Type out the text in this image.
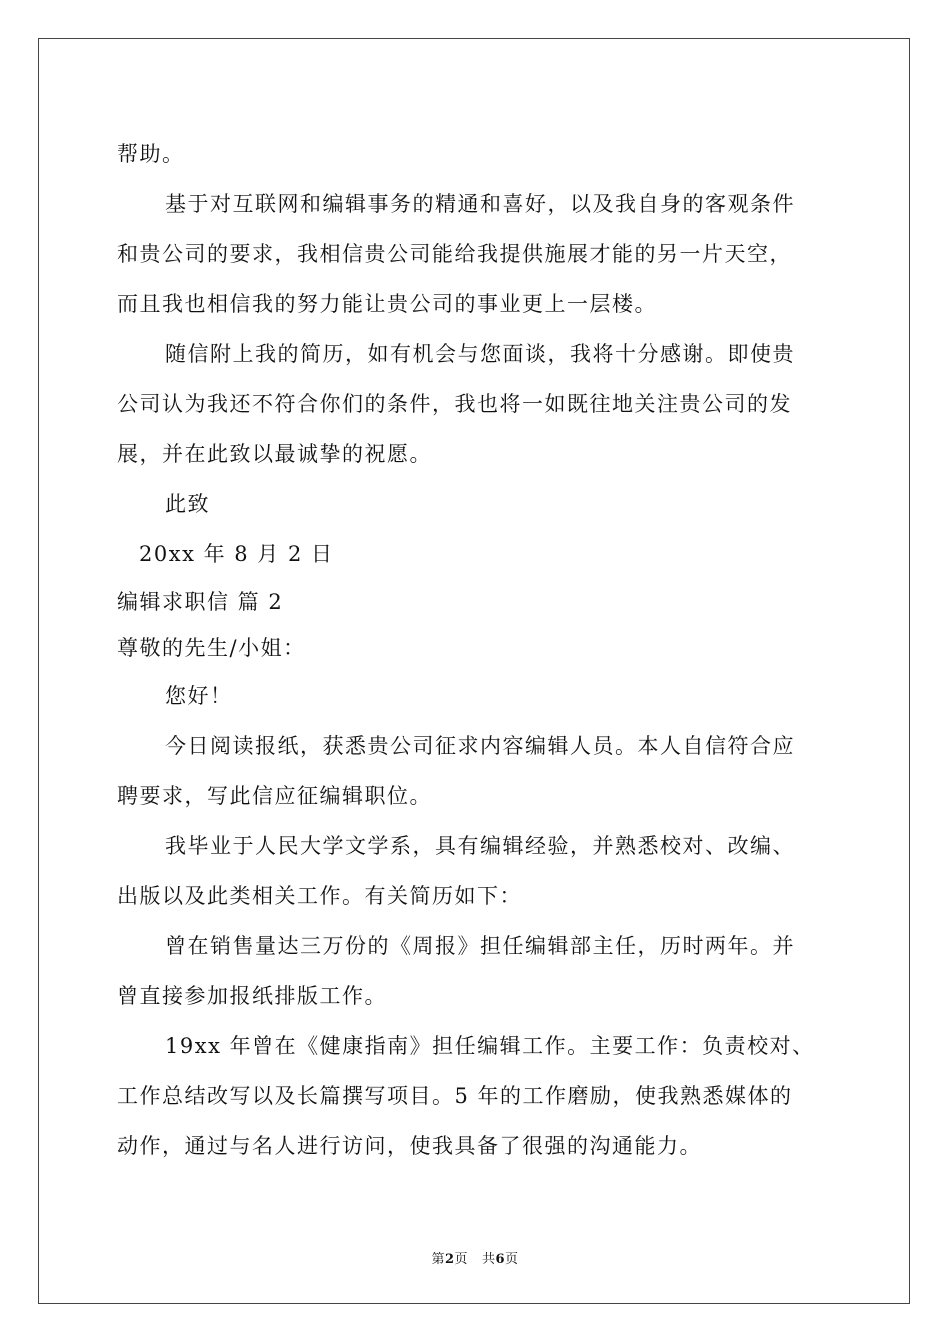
帮助。
基于对互联网和编辑事务的精通和喜好，以及我自身的客观条件
和贵公司的要求，我相信贵公司能给我提供施展才能的另一片天空，
而且我也相信我的努力能让贵公司的事业更上一层楼。
随信附上我的简历，如有机会与您面谈，我将十分感谢。即使贵
公司认为我还不符合你们的条件，我也将一如既往地关注贵公司的发
展，并在此致以最诚挚的祝愿。
此致
20xx 年 8 月 2 日
编辑求职信 篇 2
尊敬的先生/小姐：
您好！
今日阅读报纸，获悉贵公司征求内容编辑人员。本人自信符合应
聘要求，写此信应征编辑职位。
我毕业于人民大学文学系，具有编辑经验，并熟悉校对、改编、
出版以及此类相关工作。有关简历如下：
曾在销售量达三万份的《周报》担任编辑部主任，历时两年。并
曾直接参加报纸排版工作。
19xx 年曾在《健康指南》担任编辑工作。主要工作：负责校对、
工作总结改写以及长篇撰写项目。5 年的工作磨励，使我熟悉媒体的
动作，通过与名人进行访问，使我具备了很强的沟通能力。
第2页 共6页
